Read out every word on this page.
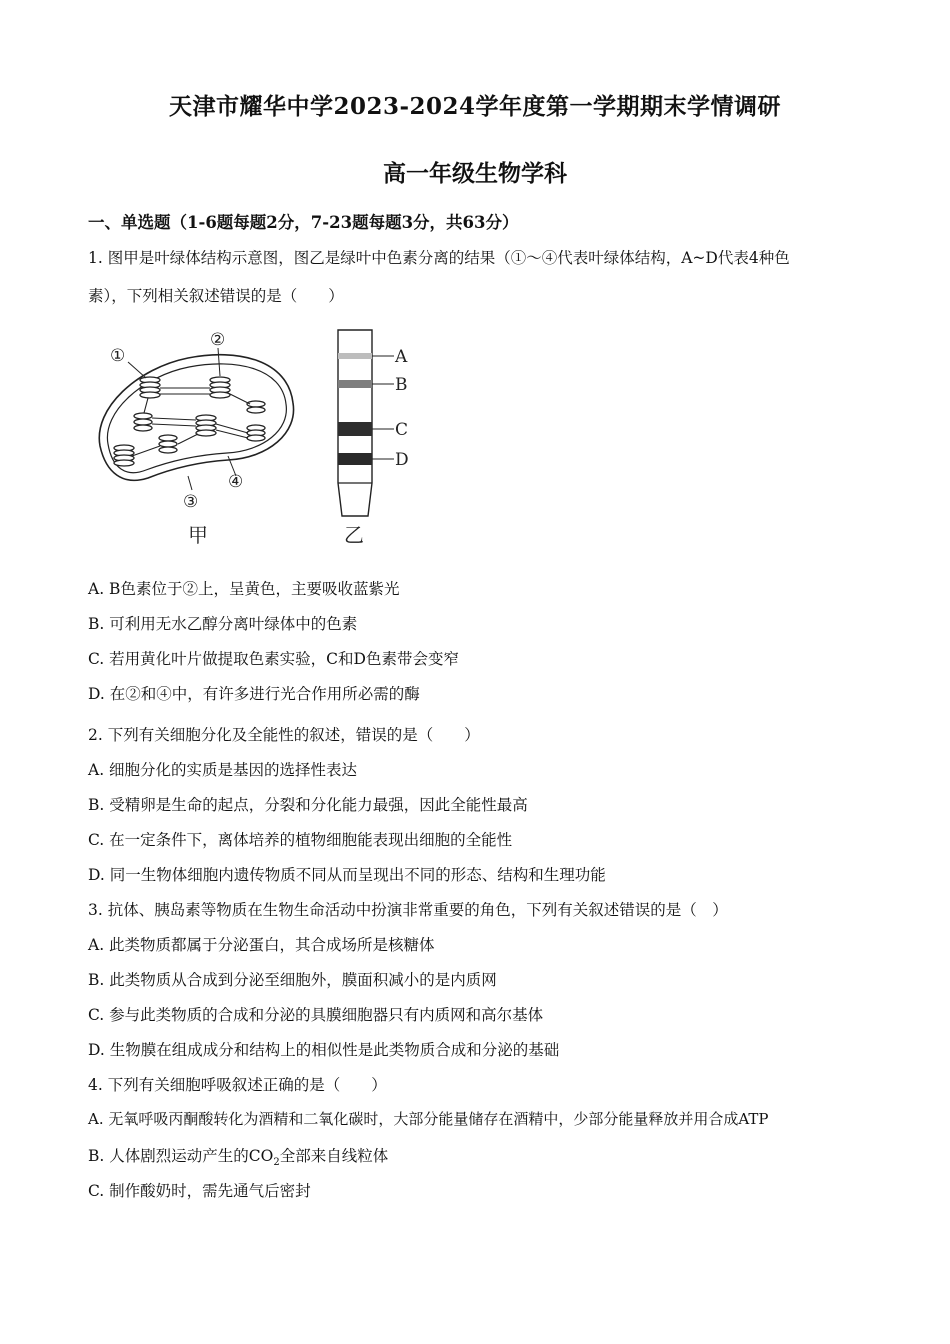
天津市耀华中学2023-2024学年度第一学期期末学情调研
高一年级生物学科
一、单选题（1-6题每题2分，7-23题每题3分，共63分）
1. 图甲是叶绿体结构示意图，图乙是绿叶中色素分离的结果（①～④代表叶绿体结构，A~D代表4种色
素），下列相关叙述错误的是（　　）
①
②
③
④
甲
A
B
C
D
乙
A. B色素位于②上，呈黄色，主要吸收蓝紫光
B. 可利用无水乙醇分离叶绿体中的色素
C. 若用黄化叶片做提取色素实验，C和D色素带会变窄
D. 在②和④中，有许多进行光合作用所必需的酶
2. 下列有关细胞分化及全能性的叙述，错误的是（　　）
A. 细胞分化的实质是基因的选择性表达
B. 受精卵是生命的起点，分裂和分化能力最强，因此全能性最高
C. 在一定条件下，离体培养的植物细胞能表现出细胞的全能性
D. 同一生物体细胞内遗传物质不同从而呈现出不同的形态、结构和生理功能
3. 抗体、胰岛素等物质在生物生命活动中扮演非常重要的角色，下列有关叙述错误的是（　）
A. 此类物质都属于分泌蛋白，其合成场所是核糖体
B. 此类物质从合成到分泌至细胞外，膜面积减小的是内质网
C. 参与此类物质的合成和分泌的具膜细胞器只有内质网和高尔基体
D. 生物膜在组成成分和结构上的相似性是此类物质合成和分泌的基础
4. 下列有关细胞呼吸叙述正确的是（　　）
A. 无氧呼吸丙酮酸转化为酒精和二氧化碳时，大部分能量储存在酒精中，少部分能量释放并用合成ATP
B. 人体剧烈运动产生的$CO_2$全部来自线粒体
C. 制作酸奶时，需先通气后密封
